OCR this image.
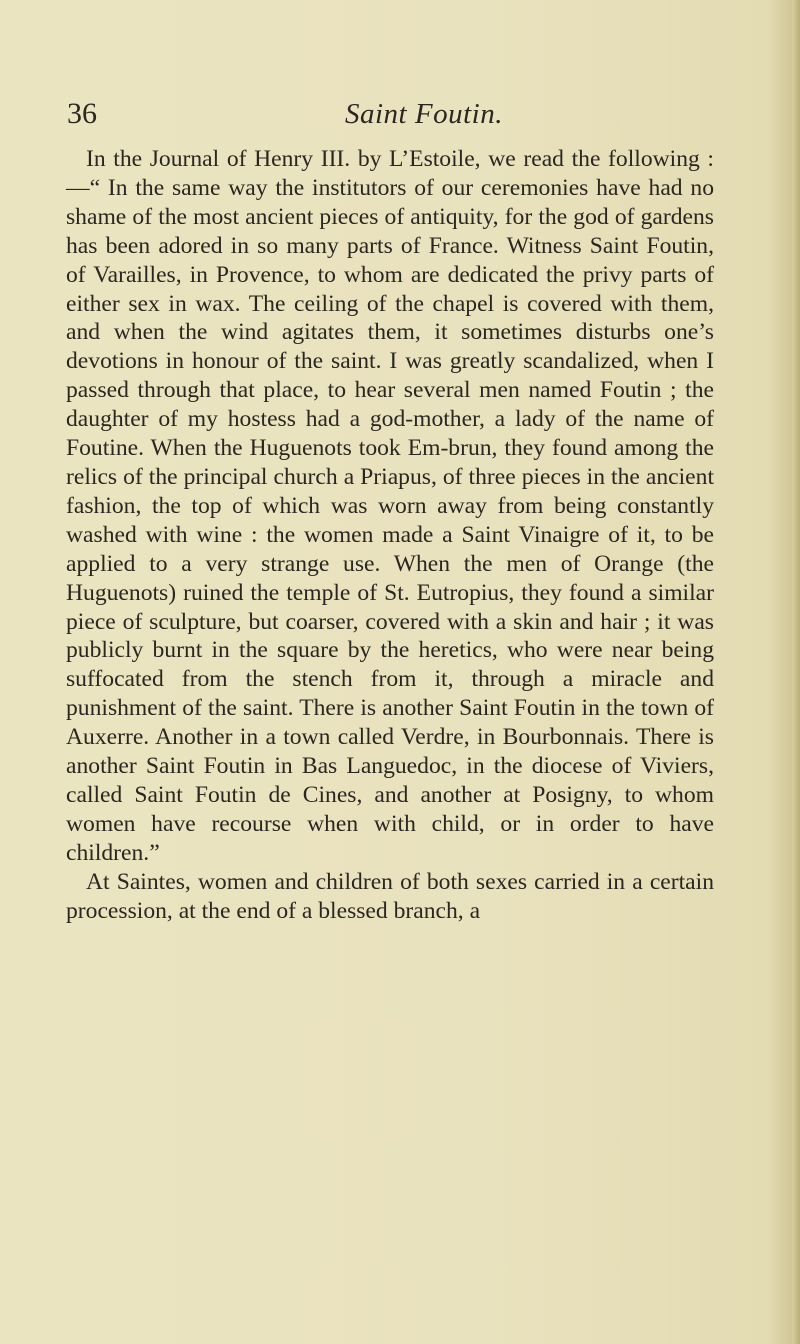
36	Saint Foutin.

In the Journal of Henry III. by L’Estoile, we read the following :—“ In the same way the institutors of our ceremonies have had no shame of the most ancient pieces of antiquity, for the god of gardens has been adored in so many parts of France. Witness Saint Foutin, of Varailles, in Provence, to whom are dedicated the privy parts of either sex in wax. The ceiling of the chapel is covered with them, and when the wind agitates them, it sometimes disturbs one’s devotions in honour of the saint. I was greatly scandalized, when I passed through that place, to hear several men named Foutin ; the daughter of my hostess had a god-mother, a lady of the name of Foutine. When the Huguenots took Em-brun, they found among the relics of the principal church a Priapus, of three pieces in the ancient fashion, the top of which was worn away from being constantly washed with wine : the women made a Saint Vinaigre of it, to be applied to a very strange use. When the men of Orange (the Huguenots) ruined the temple of St. Eutropius, they found a similar piece of sculpture, but coarser, covered with a skin and hair ; it was publicly burnt in the square by the heretics, who were near being suffocated from the stench from it, through a miracle and punishment of the saint. There is another Saint Foutin in the town of Auxerre. Another in a town called Verdre, in Bourbonnais. There is another Saint Foutin in Bas Languedoc, in the diocese of Viviers, called Saint Foutin de Cines, and another at Posigny, to whom women have recourse when with child, or in order to have children.”

At Saintes, women and children of both sexes carried in a certain procession, at the end of a blessed branch, a
